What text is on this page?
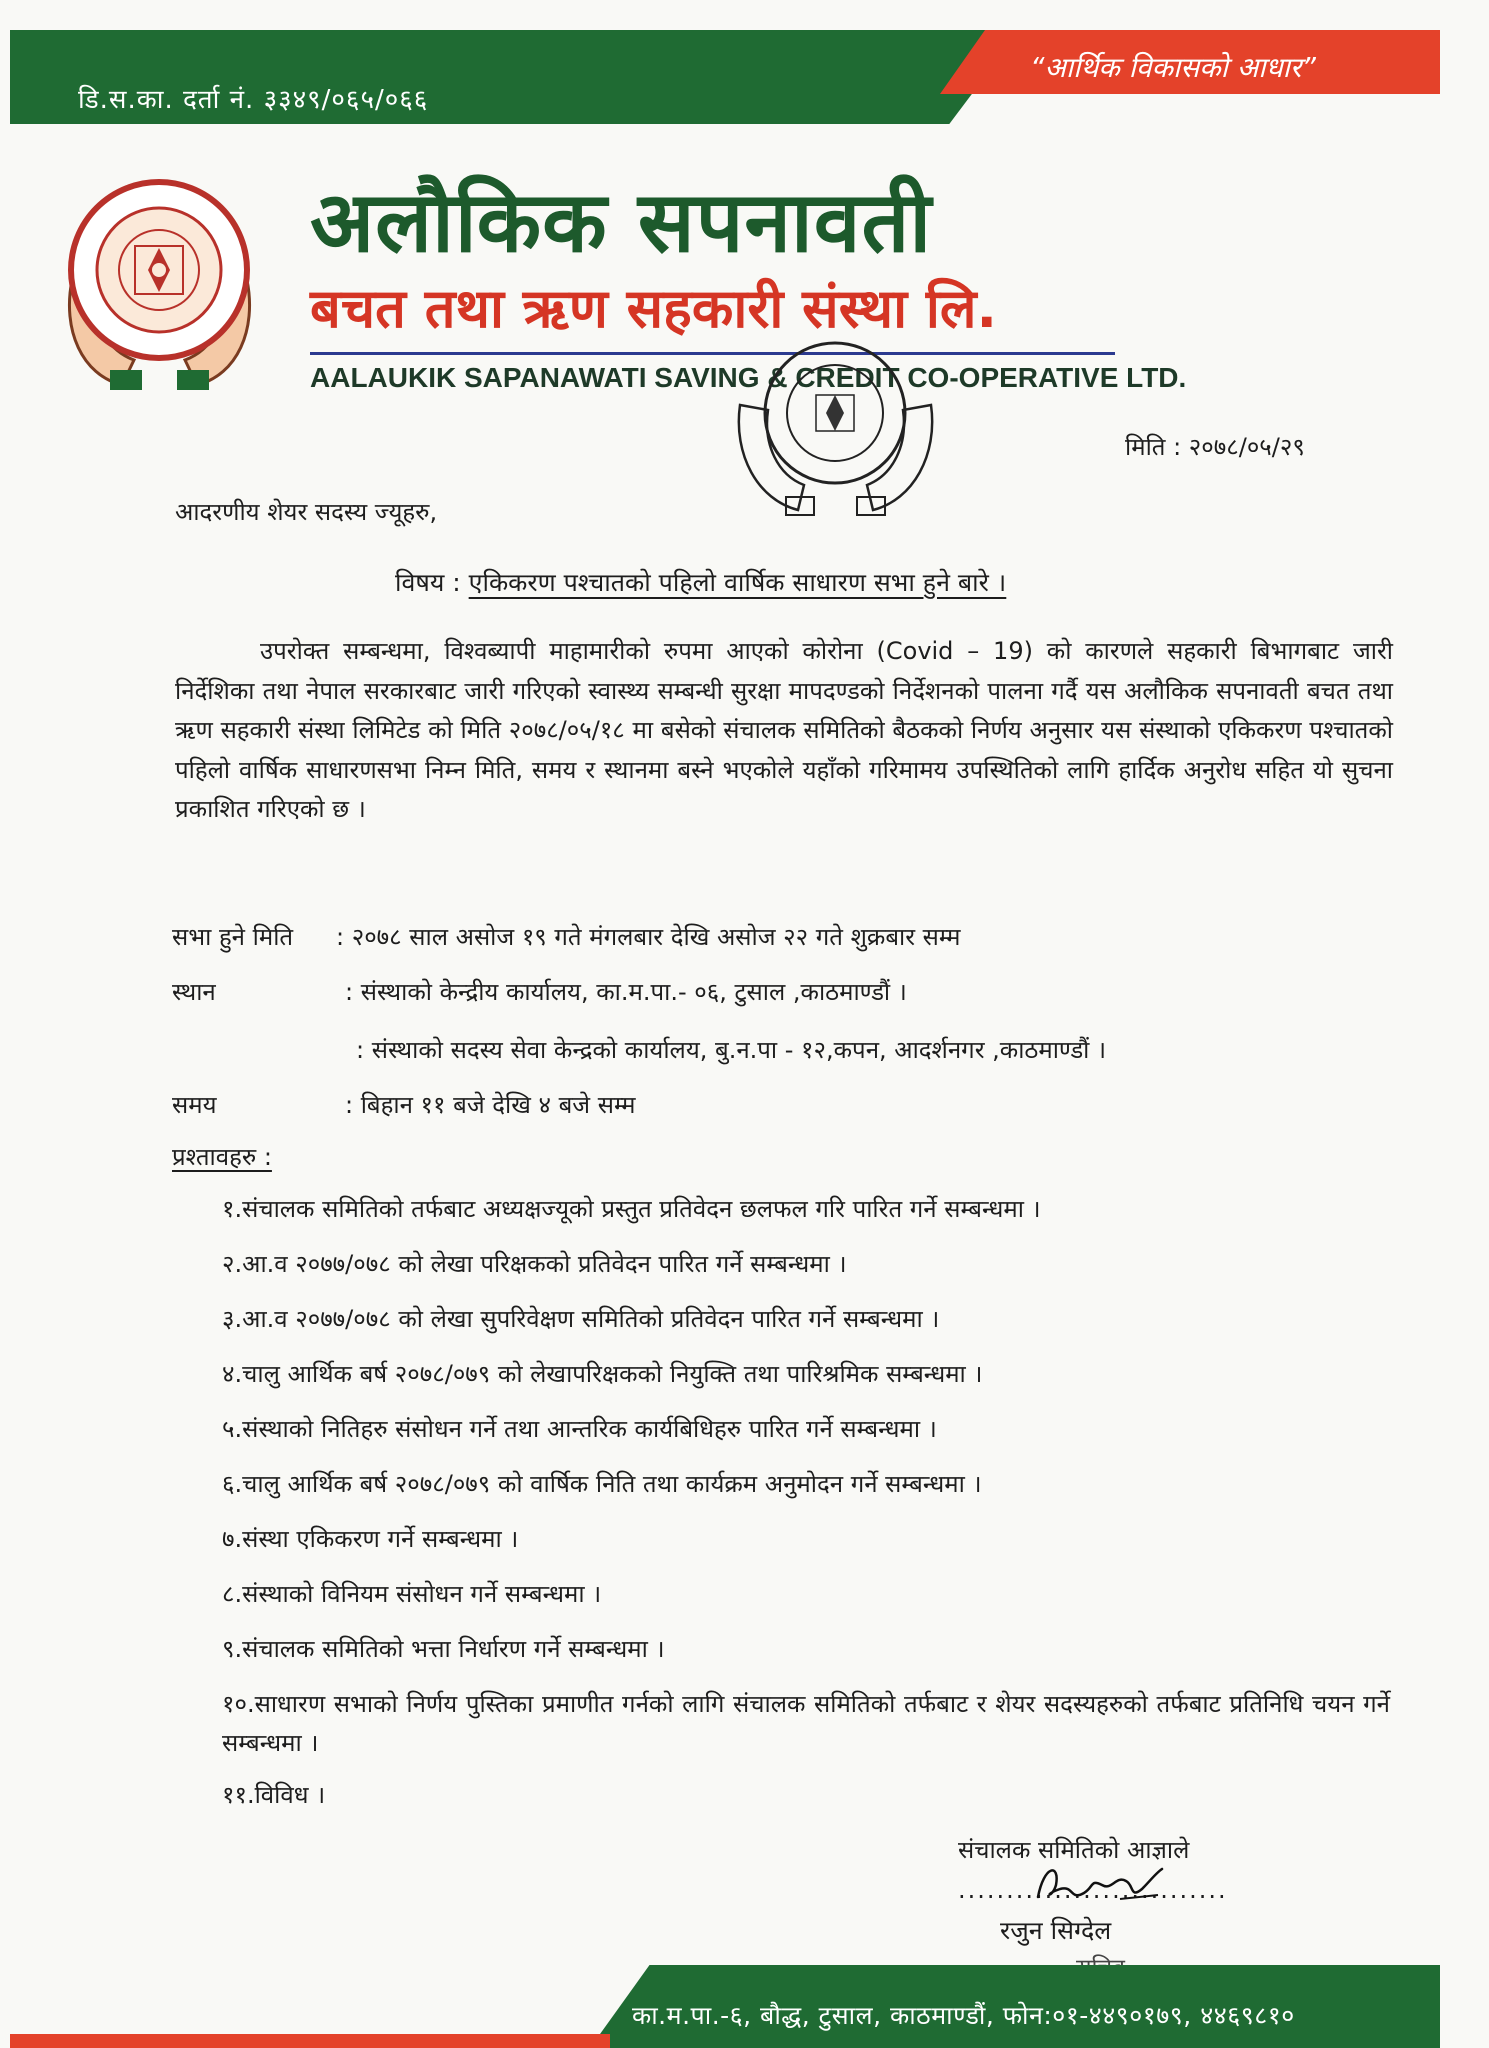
डि.स.का. दर्ता नं. ३३४९/०६५/०६६
“आर्थिक विकासको आधार”
अलौकिक सपनावती
बचत तथा ऋण सहकारी संस्था लि.
AALAUKIK SAPANAWATI SAVING & CREDIT CO-OPERATIVE LTD.
मिति : २०७८/०५/२९
आदरणीय शेयर सदस्य ज्यूहरु,
विषय : एकिकरण पश्चातको पहिलो वार्षिक साधारण सभा हुने बारे ।
उपरोक्त सम्बन्धमा, विश्वब्यापी माहामारीको रुपमा आएको कोरोना (Covid – 19) को कारणले सहकारी बिभागबाट जारी निर्देशिका तथा नेपाल सरकारबाट जारी गरिएको स्वास्थ्य सम्बन्धी सुरक्षा मापदण्डको निर्देशनको पालना गर्दै यस अलौकिक सपनावती बचत तथा ऋण सहकारी संस्था लिमिटेड को मिति २०७८/०५/१८ मा बसेको संचालक समितिको बैठकको निर्णय अनुसार यस संस्थाको एकिकरण पश्चातको पहिलो वार्षिक साधारणसभा निम्न मिति, समय र स्थानमा बस्ने भएकोले यहाँको गरिमामय उपस्थितिको लागि हार्दिक अनुरोध सहित यो सुचना प्रकाशित गरिएको छ ।
सभा हुने मिति : २०७८ साल असोज १९ गते मंगलबार देखि असोज २२ गते शुक्रबार सम्म
स्थान	: संस्थाको केन्द्रीय कार्यालय, का.म.पा.- ०६, टुसाल ,काठमाण्डौं ।
: संस्थाको सदस्य सेवा केन्द्रको कार्यालय, बु.न.पा - १२,कपन, आदर्शनगर ,काठमाण्डौं ।
समय	: बिहान ११ बजे देखि ४ बजे सम्म
प्रश्तावहरु :
१.संचालक समितिको तर्फबाट अध्यक्षज्यूको प्रस्तुत प्रतिवेदन छलफल गरि पारित गर्ने सम्बन्धमा ।
२.आ.व २०७७/०७८ को लेखा परिक्षकको प्रतिवेदन पारित गर्ने सम्बन्धमा ।
३.आ.व २०७७/०७८ को लेखा सुपरिवेक्षण समितिको प्रतिवेदन पारित गर्ने सम्बन्धमा ।
४.चालु आर्थिक बर्ष २०७८/०७९ को लेखापरिक्षकको नियुक्ति तथा पारिश्रमिक सम्बन्धमा ।
५.संस्थाको नितिहरु संसोधन गर्ने तथा आन्तरिक कार्यबिधिहरु पारित गर्ने सम्बन्धमा ।
६.चालु आर्थिक बर्ष २०७८/०७९ को वार्षिक निति तथा कार्यक्रम अनुमोदन गर्ने सम्बन्धमा ।
७.संस्था एकिकरण गर्ने सम्बन्धमा ।
८.संस्थाको विनियम संसोधन गर्ने सम्बन्धमा ।
९.संचालक समितिको भत्ता निर्धारण गर्ने सम्बन्धमा ।
१०.साधारण सभाको निर्णय पुस्तिका प्रमाणीत गर्नको लागि संचालक समितिको तर्फबाट र शेयर सदस्यहरुको तर्फबाट प्रतिनिधि चयन गर्ने सम्बन्धमा ।
११.विविध ।
संचालक समितिको आज्ञाले
............................
रजुन सिग्देल
का.म.पा.-६, बौद्ध, टुसाल, काठमाण्डौं, फोन:०१-४४९०१७९, ४४६९८१०
